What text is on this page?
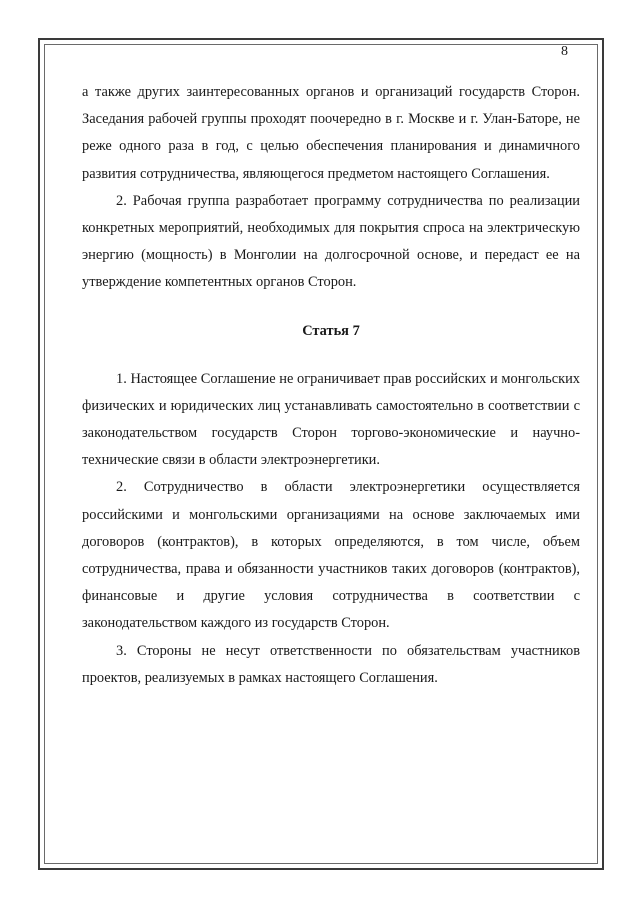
8

а также других заинтересованных органов и организаций государств Сторон. Заседания рабочей группы проходят поочередно в г. Москве и г. Улан-Баторе, не реже одного раза в год, с целью обеспечения планирования и динамичного развития сотрудничества, являющегося предметом настоящего Соглашения.

2. Рабочая группа разработает программу сотрудничества по реализации конкретных мероприятий, необходимых для покрытия спроса на электрическую энергию (мощность) в Монголии на долгосрочной основе, и передаст ее на утверждение компетентных органов Сторон.

Статья 7

1. Настоящее Соглашение не ограничивает прав российских и монгольских физических и юридических лиц устанавливать самостоятельно в соответствии с законодательством государств Сторон торгово-экономические и научно-технические связи в области электроэнергетики.

2. Сотрудничество в области электроэнергетики осуществляется российскими и монгольскими организациями на основе заключаемых ими договоров (контрактов), в которых определяются, в том числе, объем сотрудничества, права и обязанности участников таких договоров (контрактов), финансовые и другие условия сотрудничества в соответствии с законодательством каждого из государств Сторон.

3. Стороны не несут ответственности по обязательствам участников проектов, реализуемых в рамках настоящего Соглашения.
